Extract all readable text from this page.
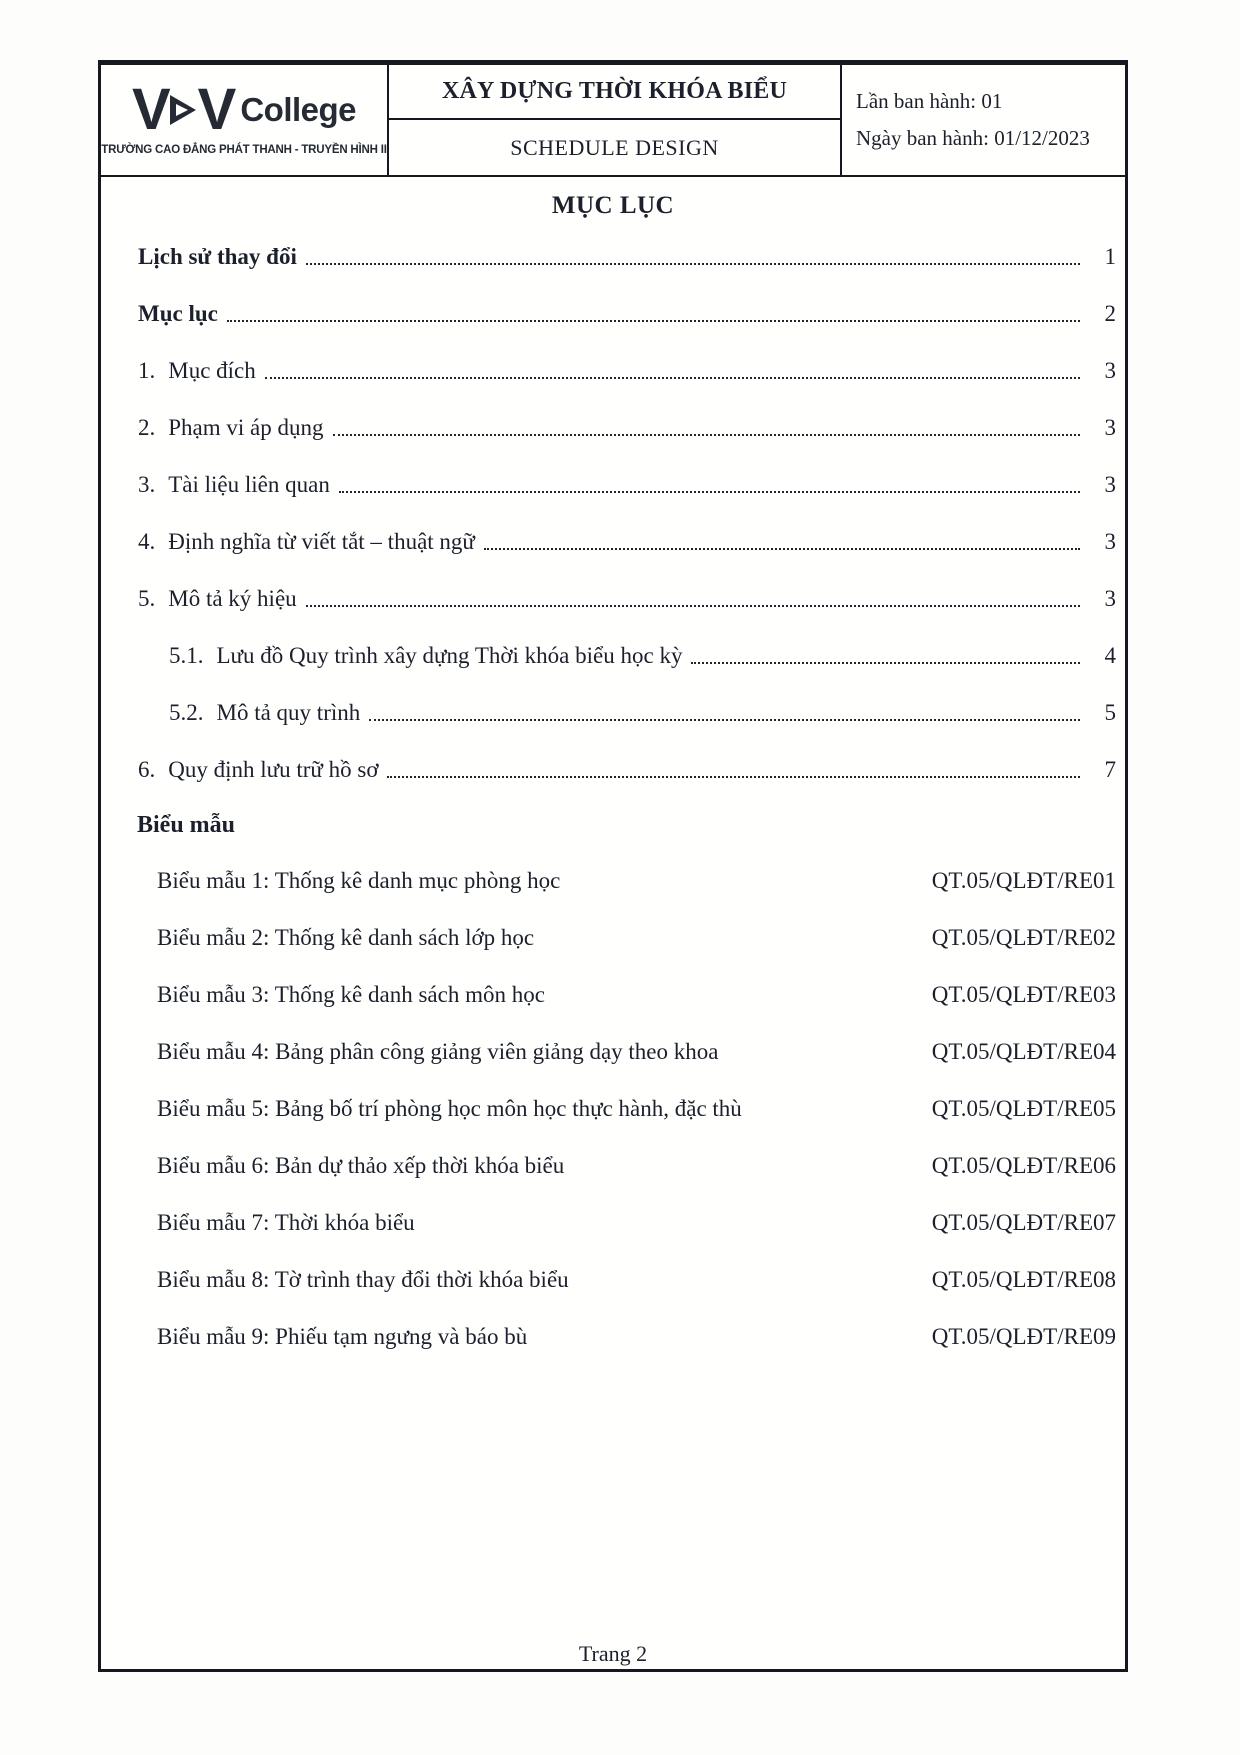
V V College
TRƯỜNG CAO ĐẲNG PHÁT THANH - TRUYỀN HÌNH II
XÂY DỰNG THỜI KHÓA BIỂU
SCHEDULE DESIGN
Lần ban hành: 01
Ngày ban hành: 01/12/2023
MỤC LỤC
Lịch sử thay đổi	1
Mục lục	2
1. Mục đích	3
2. Phạm vi áp dụng	3
3. Tài liệu liên quan	3
4. Định nghĩa từ viết tắt – thuật ngữ	3
5. Mô tả ký hiệu	3
5.1. Lưu đồ Quy trình xây dựng Thời khóa biểu học kỳ	4
5.2. Mô tả quy trình	5
6. Quy định lưu trữ hồ sơ	7
Biểu mẫu
Biểu mẫu 1: Thống kê danh mục phòng học	QT.05/QLĐT/RE01
Biểu mẫu 2: Thống kê danh sách lớp học	QT.05/QLĐT/RE02
Biểu mẫu 3: Thống kê danh sách môn học	QT.05/QLĐT/RE03
Biểu mẫu 4: Bảng phân công giảng viên giảng dạy theo khoa	QT.05/QLĐT/RE04
Biểu mẫu 5: Bảng bố trí phòng học môn học thực hành, đặc thù	QT.05/QLĐT/RE05
Biểu mẫu 6: Bản dự thảo xếp thời khóa biểu	QT.05/QLĐT/RE06
Biểu mẫu 7: Thời khóa biểu	QT.05/QLĐT/RE07
Biểu mẫu 8: Tờ trình thay đổi thời khóa biểu	QT.05/QLĐT/RE08
Biểu mẫu 9: Phiếu tạm ngưng và báo bù	QT.05/QLĐT/RE09
Trang 2
